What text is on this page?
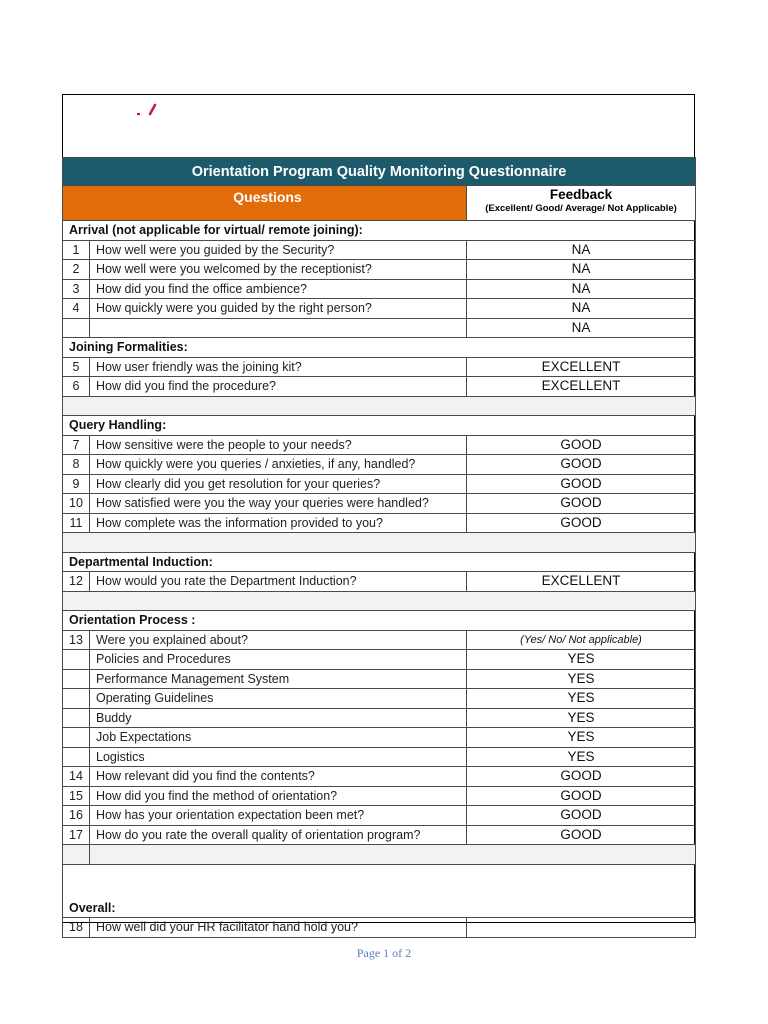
Orientation Program Quality Monitoring Questionnaire		
Questions		Feedback
(Excellent/ Good/ Average/ Not Applicable)

Arrival (not applicable for virtual/ remote joining):		
1	How well were you guided by the Security?	NA
2	How well were you welcomed by the receptionist?	NA
3	How did you find the office ambience?	NA
4	How quickly were you guided by the right person?	NA
		NA
Joining Formalities:		
5	How user friendly was the joining kit?	EXCELLENT
6	How did you find the procedure?	EXCELLENT

Query Handling:		
7	How sensitive were the people to your needs?	GOOD
8	How quickly were you queries / anxieties, if any, handled?	GOOD
9	How clearly did you get resolution for your queries?	GOOD
10	How satisfied were you the way your queries were handled?	GOOD
11	How complete was the information provided to you?	GOOD

Departmental Induction:		
12	How would you rate the Department Induction?	EXCELLENT

Orientation Process :		
13	Were you explained about?	(Yes/ No/ Not applicable)
	Policies and Procedures	YES
	Performance Management System	YES
	Operating Guidelines	YES
	Buddy	YES
	Job Expectations	YES
	Logistics	YES
14	How relevant did you find the contents?	GOOD
15	How did you find the method of orientation?	GOOD
16	How has your orientation expectation been met?	GOOD
17	How do you rate the overall quality of orientation program?	GOOD

Overall:		
18	How well did your HR facilitator hand hold you?	
Page 1 of 2
